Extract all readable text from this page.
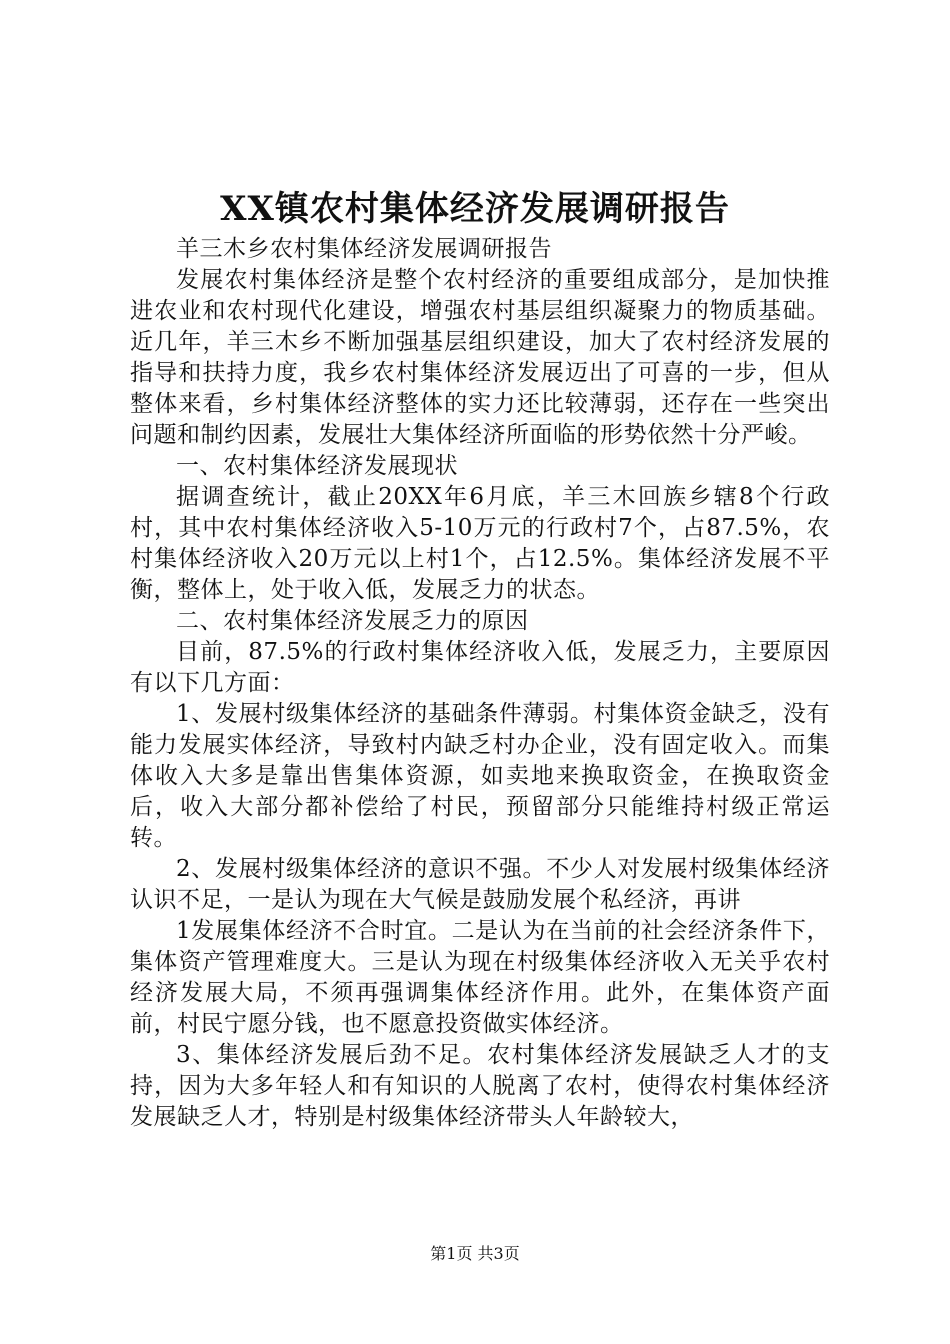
XX镇农村集体经济发展调研报告

羊三木乡农村集体经济发展调研报告

发展农村集体经济是整个农村经济的重要组成部分，是加快推进农业和农村现代化建设，增强农村基层组织凝聚力的物质基础。近几年，羊三木乡不断加强基层组织建设，加大了农村经济发展的指导和扶持力度，我乡农村集体经济发展迈出了可喜的一步，但从整体来看，乡村集体经济整体的实力还比较薄弱，还存在一些突出问题和制约因素，发展壮大集体经济所面临的形势依然十分严峻。

一、农村集体经济发展现状

据调查统计，截止20XX年6月底，羊三木回族乡辖8个行政村，其中农村集体经济收入5-10万元的行政村7个，占87.5%，农村集体经济收入20万元以上村1个，占12.5%。集体经济发展不平衡，整体上，处于收入低，发展乏力的状态。

二、农村集体经济发展乏力的原因

目前，87.5%的行政村集体经济收入低，发展乏力，主要原因有以下几方面：

1、发展村级集体经济的基础条件薄弱。村集体资金缺乏，没有能力发展实体经济，导致村内缺乏村办企业，没有固定收入。而集体收入大多是靠出售集体资源，如卖地来换取资金，在换取资金后，收入大部分都补偿给了村民，预留部分只能维持村级正常运转。

2、发展村级集体经济的意识不强。不少人对发展村级集体经济认识不足，一是认为现在大气候是鼓励发展个私经济，再讲

1发展集体经济不合时宜。二是认为在当前的社会经济条件下，集体资产管理难度大。三是认为现在村级集体经济收入无关乎农村经济发展大局，不须再强调集体经济作用。此外，在集体资产面前，村民宁愿分钱，也不愿意投资做实体经济。

3、集体经济发展后劲不足。农村集体经济发展缺乏人才的支持，因为大多年轻人和有知识的人脱离了农村，使得农村集体经济发展缺乏人才，特别是村级集体经济带头人年龄较大，

第1页 共3页
